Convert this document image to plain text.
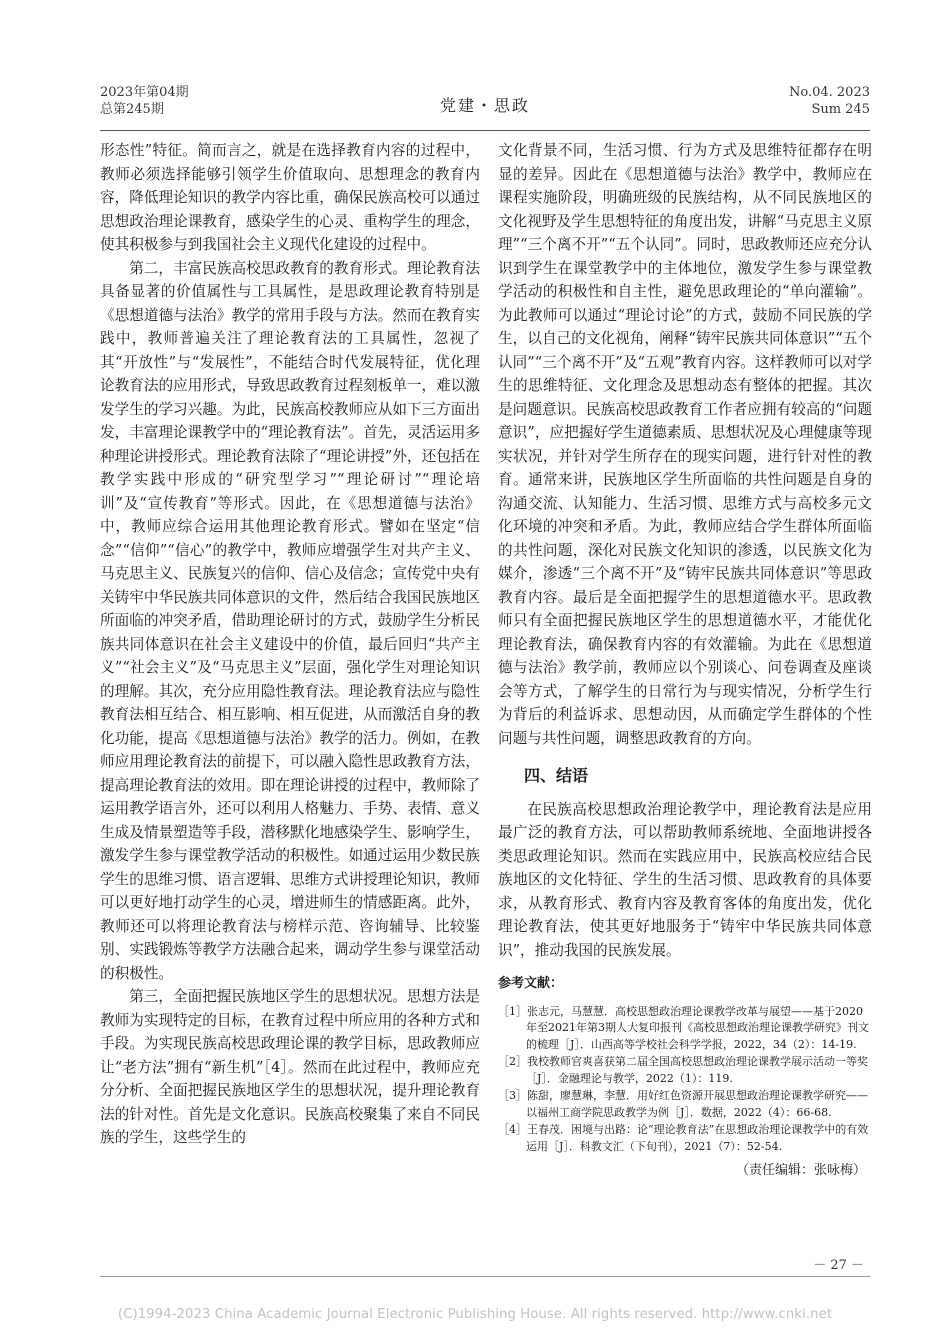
2023年第04期
总第245期	党建・思政
No.04. 2023
Sum 245

形态性”特征。简而言之，就是在选择教育内容的过程中，教师必须选择能够引领学生价值取向、思想理念的教育内容，降低理论知识的教学内容比重，确保民族高校可以通过思想政治理论课教育，感染学生的心灵、重构学生的理念，使其积极参与到我国社会主义现代化建设的过程中。

第二，丰富民族高校思政教育的教育形式。理论教育法具备显著的价值属性与工具属性，是思政理论教育特别是《思想道德与法治》教学的常用手段与方法。然而在教育实践中，教师普遍关注了理论教育法的工具属性，忽视了其“开放性”与“发展性”，不能结合时代发展特征，优化理论教育法的应用形式，导致思政教育过程刻板单一，难以激发学生的学习兴趣。为此，民族高校教师应从如下三方面出发，丰富理论课教学中的“理论教育法”。首先，灵活运用多种理论讲授形式。理论教育法除了“理论讲授”外，还包括在教学实践中形成的“研究型学习”“理论研讨”“理论培训”及“宣传教育”等形式。因此，在《思想道德与法治》中，教师应综合运用其他理论教育形式。譬如在坚定“信念”“信仰”“信心”的教学中，教师应增强学生对共产主义、马克思主义、民族复兴的信仰、信心及信念；宣传党中央有关铸牢中华民族共同体意识的文件，然后结合我国民族地区所面临的冲突矛盾，借助理论研讨的方式，鼓励学生分析民族共同体意识在社会主义建设中的价值，最后回归“共产主义”“社会主义”及“马克思主义”层面，强化学生对理论知识的理解。其次，充分应用隐性教育法。理论教育法应与隐性教育法相互结合、相互影响、相互促进，从而激活自身的教化功能，提高《思想道德与法治》教学的活力。例如，在教师应用理论教育法的前提下，可以融入隐性思政教育方法，提高理论教育法的效用。即在理论讲授的过程中，教师除了运用教学语言外，还可以利用人格魅力、手势、表情、意义生成及情景塑造等手段，潜移默化地感染学生、影响学生，激发学生参与课堂教学活动的积极性。如通过运用少数民族学生的思维习惯、语言逻辑、思维方式讲授理论知识，教师可以更好地打动学生的心灵，增进师生的情感距离。此外，教师还可以将理论教育法与榜样示范、咨询辅导、比较鉴别、实践锻炼等教学方法融合起来，调动学生参与课堂活动的积极性。

第三，全面把握民族地区学生的思想状况。思想方法是教师为实现特定的目标，在教育过程中所应用的各种方式和手段。为实现民族高校思政理论课的教学目标，思政教师应让“老方法”拥有“新生机”［4］。然而在此过程中，教师应充分分析、全面把握民族地区学生的思想状况，提升理论教育法的针对性。首先是文化意识。民族高校聚集了来自不同民族的学生，这些学生的

文化背景不同，生活习惯、行为方式及思维特征都存在明显的差异。因此在《思想道德与法治》教学中，教师应在课程实施阶段，明确班级的民族结构，从不同民族地区的文化视野及学生思想特征的角度出发，讲解“马克思主义原理”“三个离不开”“五个认同”。同时，思政教师还应充分认识到学生在课堂教学中的主体地位，激发学生参与课堂教学活动的积极性和自主性，避免思政理论的“单向灌输”。为此教师可以通过“理论讨论”的方式，鼓励不同民族的学生，以自己的文化视角，阐释“铸牢民族共同体意识”“五个认同”“三个离不开”及“五观”教育内容。这样教师可以对学生的思维特征、文化理念及思想动态有整体的把握。其次是问题意识。民族高校思政教育工作者应拥有较高的“问题意识”，应把握好学生道德素质、思想状况及心理健康等现实状况，并针对学生所存在的现实问题，进行针对性的教育。通常来讲，民族地区学生所面临的共性问题是自身的沟通交流、认知能力、生活习惯、思维方式与高校多元文化环境的冲突和矛盾。为此，教师应结合学生群体所面临的共性问题，深化对民族文化知识的渗透，以民族文化为媒介，渗透“三个离不开”及“铸牢民族共同体意识”等思政教育内容。最后是全面把握学生的思想道德水平。思政教师只有全面把握民族地区学生的思想道德水平，才能优化理论教育法，确保教育内容的有效灌输。为此在《思想道德与法治》教学前，教师应以个别谈心、问卷调查及座谈会等方式，了解学生的日常行为与现实情况，分析学生行为背后的利益诉求、思想动因，从而确定学生群体的个性问题与共性问题，调整思政教育的方向。

四、结语

在民族高校思想政治理论教学中，理论教育法是应用最广泛的教育方法，可以帮助教师系统地、全面地讲授各类思政理论知识。然而在实践应用中，民族高校应结合民族地区的文化特征、学生的生活习惯、思政教育的具体要求，从教育形式、教育内容及教育客体的角度出发，优化理论教育法，使其更好地服务于“铸牢中华民族共同体意识”，推动我国的民族发展。

参考文献：
［1］张志元，马慧慧．高校思想政治理论课教学改革与展望——基于2020年至2021年第3期人大复印报刊《高校思想政治理论课教学研究》刊文的梳理［J］．山西高等学校社会科学学报，2022，34（2）：14-19.
［2］我校教师官爽喜获第二届全国高校思想政治理论课教学展示活动一等奖［J］．金融理论与教学，2022（1）：119.
［3］陈甜，廖慧琳，李慧．用好红色资源开展思想政治理论课教学研究——以福州工商学院思政教学为例［J］．数据，2022（4）：66-68.
［4］王春茂．困境与出路：论“理论教育法”在思想政治理论课教学中的有效运用［J］．科教文汇（下旬刊），2021（7）：52-54.
（责任编辑：张咏梅）
－ 27 －
(C)1994-2023 China Academic Journal Electronic Publishing House. All rights reserved. http://www.cnki.net
